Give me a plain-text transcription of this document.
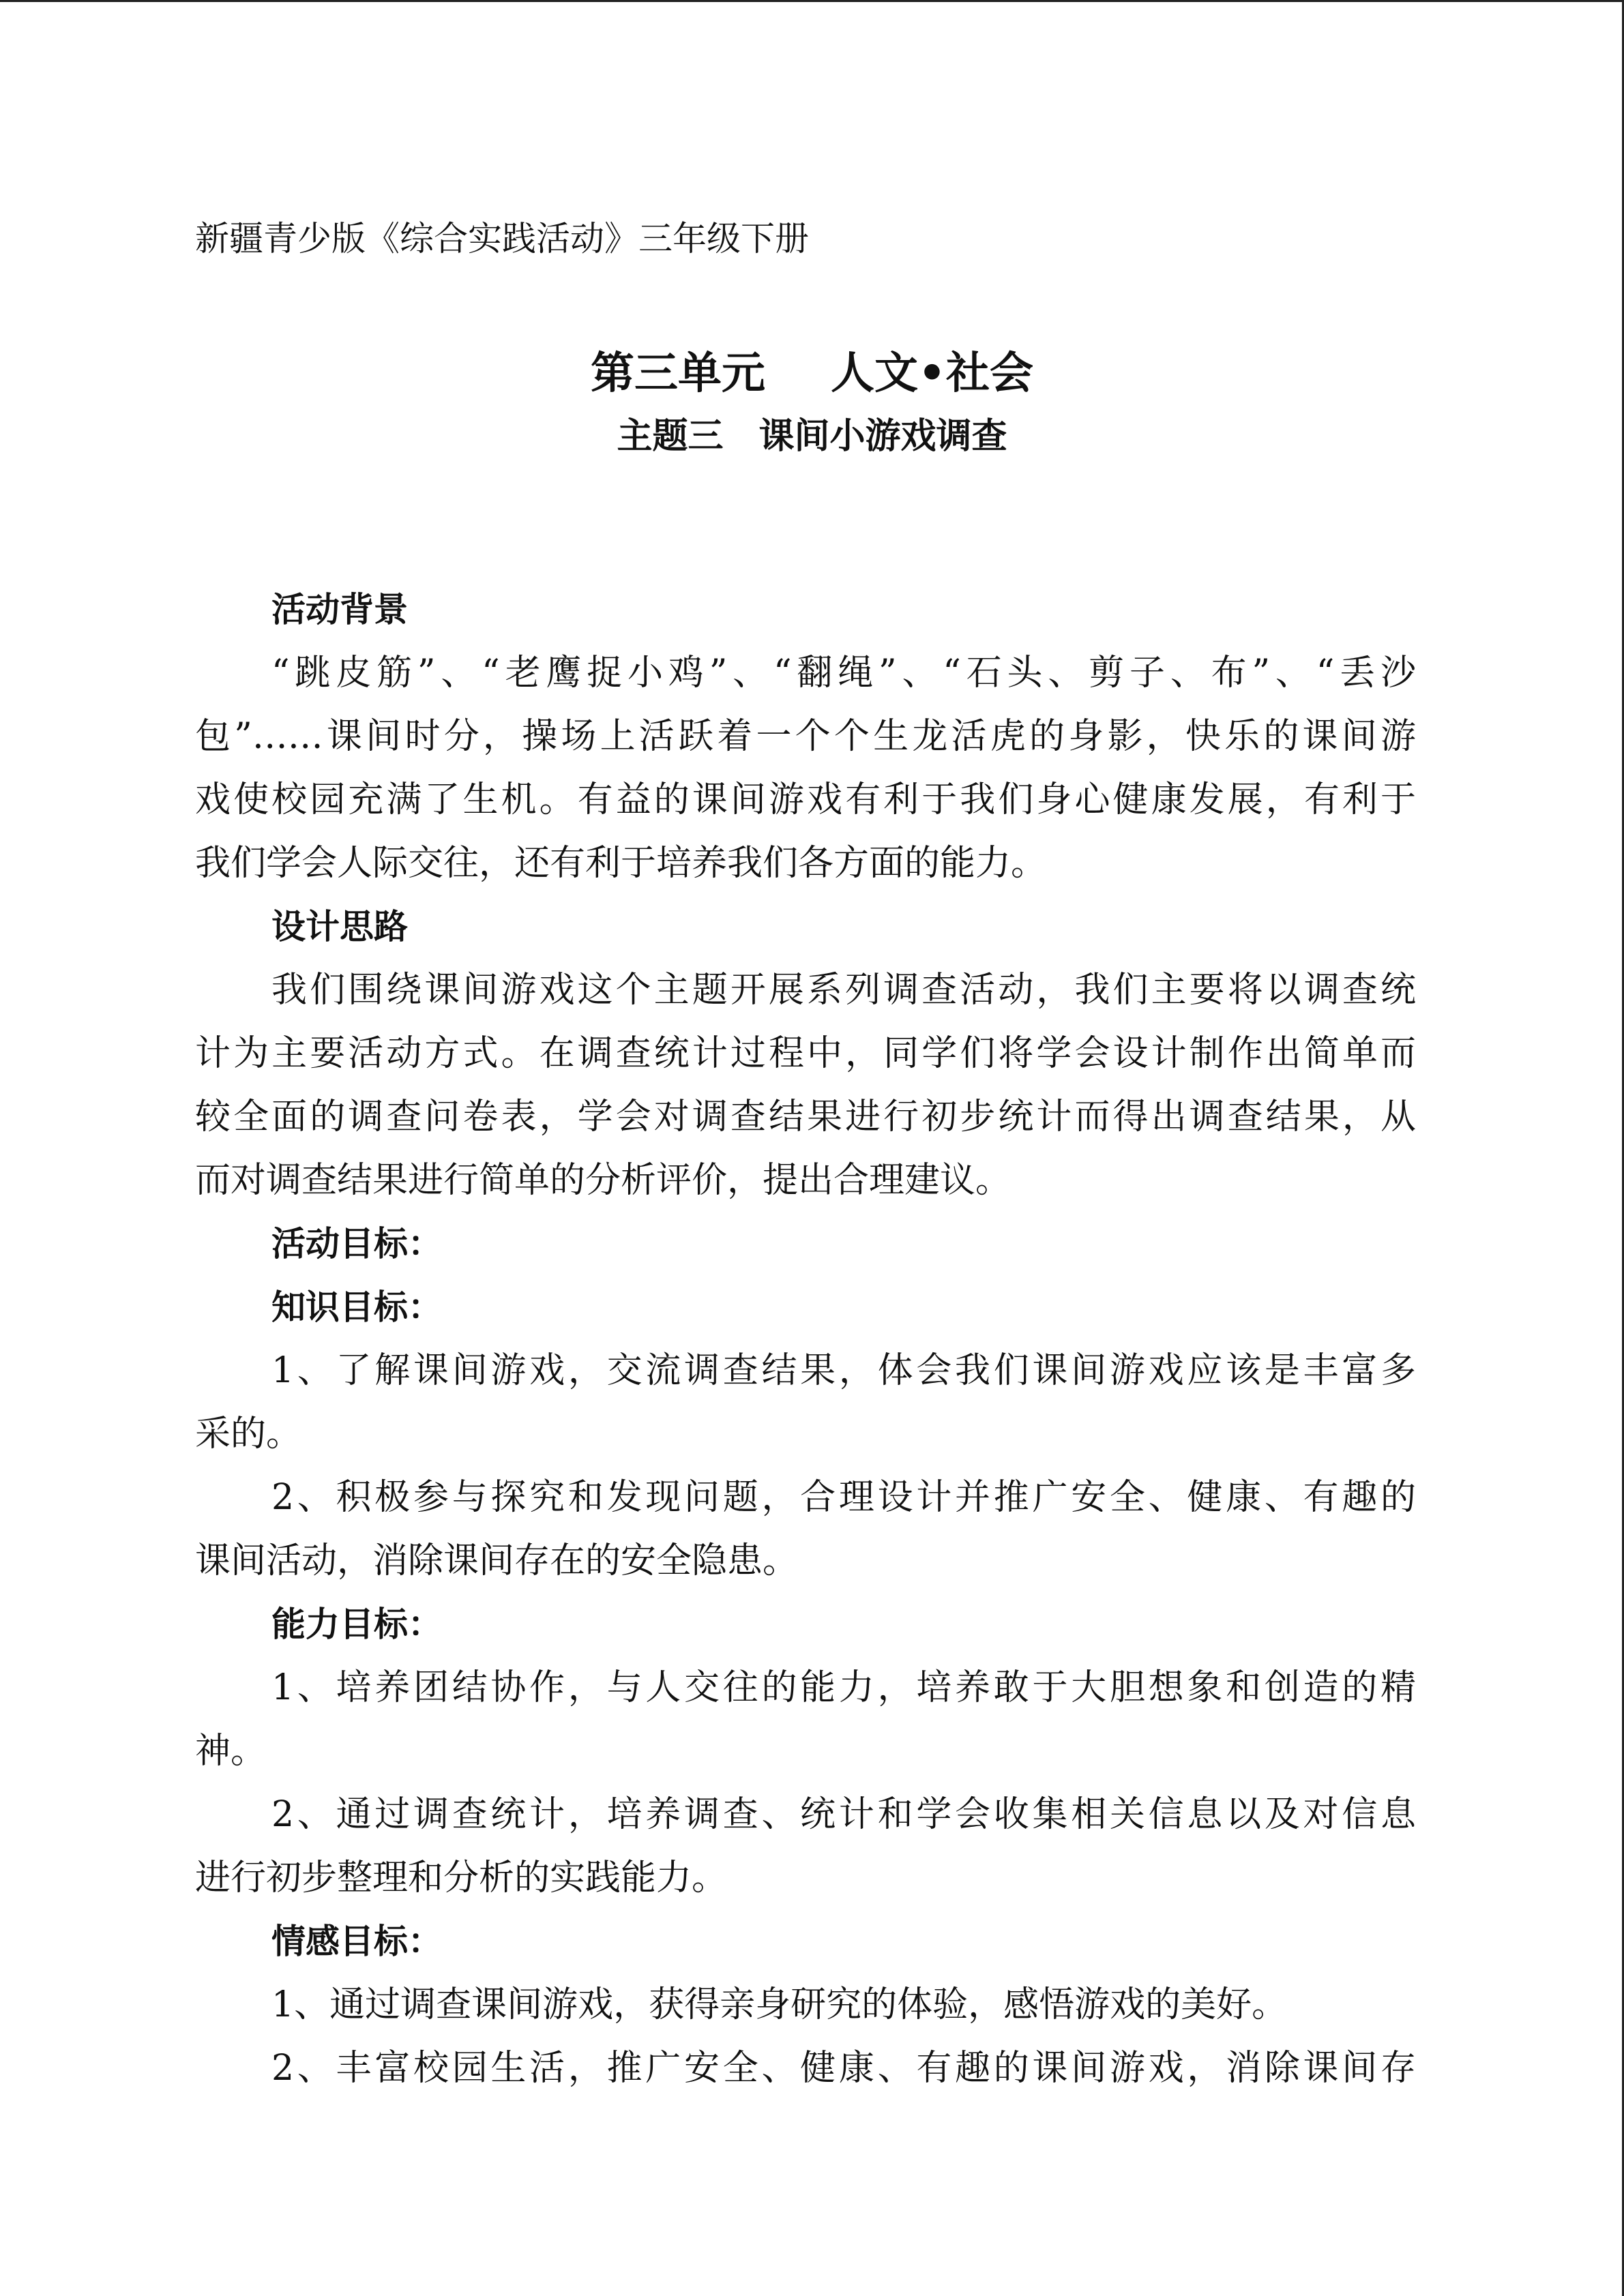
新疆青少版《综合实践活动》三年级下册
第三单元 人文•社会
主题三 课间小游戏调查
活动背景
“跳皮筋”、“老鹰捉小鸡”、“翻绳”、“石头、剪子、布”、“丢沙
包”……课间时分，操场上活跃着一个个生龙活虎的身影，快乐的课间游
戏使校园充满了生机。有益的课间游戏有利于我们身心健康发展，有利于
我们学会人际交往，还有利于培养我们各方面的能力。
设计思路
我们围绕课间游戏这个主题开展系列调查活动，我们主要将以调查统
计为主要活动方式。在调查统计过程中，同学们将学会设计制作出简单而
较全面的调查问卷表，学会对调查结果进行初步统计而得出调查结果，从
而对调查结果进行简单的分析评价，提出合理建议。
活动目标：
知识目标：
1、了解课间游戏，交流调查结果，体会我们课间游戏应该是丰富多
采的。
2、积极参与探究和发现问题，合理设计并推广安全、健康、有趣的
课间活动，消除课间存在的安全隐患。
能力目标：
1、培养团结协作，与人交往的能力，培养敢于大胆想象和创造的精
神。
2、通过调查统计，培养调查、统计和学会收集相关信息以及对信息
进行初步整理和分析的实践能力。
情感目标：
1、通过调查课间游戏，获得亲身研究的体验，感悟游戏的美好。
2、丰富校园生活，推广安全、健康、有趣的课间游戏，消除课间存
